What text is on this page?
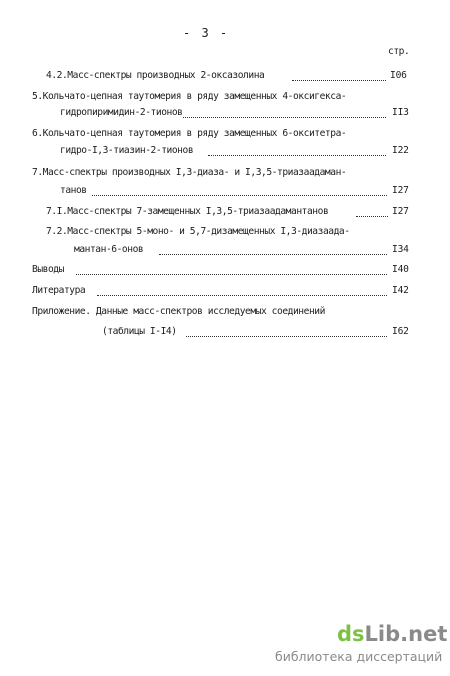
- 3 -
стр.
4.2.Масс-спектры производных 2-оксазолина	I06
5.Кольчато-цепная таутомерия в ряду замещенных 4-оксигекса-
гидропиримидин-2-тионов	II3
6.Кольчато-цепная таутомерия в ряду замещенных 6-окситетра-
гидро-I,3-тиазин-2-тионов	I22
7.Масс-спектры производных I,3-диаза- и I,3,5-триазаадаман-
танов	I27
7.I.Масс-спектры 7-замещенных I,3,5-триазаадамантанов	I27
7.2.Масс-спектры 5-моно- и 5,7-дизамещенных I,3-диазаада-
мантан-6-онов	I34
Выводы	I40
Литература	I42
Приложение. Данные масс-спектров исследуемых соединений
(таблицы I-I4)	I62
dsLib.net
библиотека диссертаций
